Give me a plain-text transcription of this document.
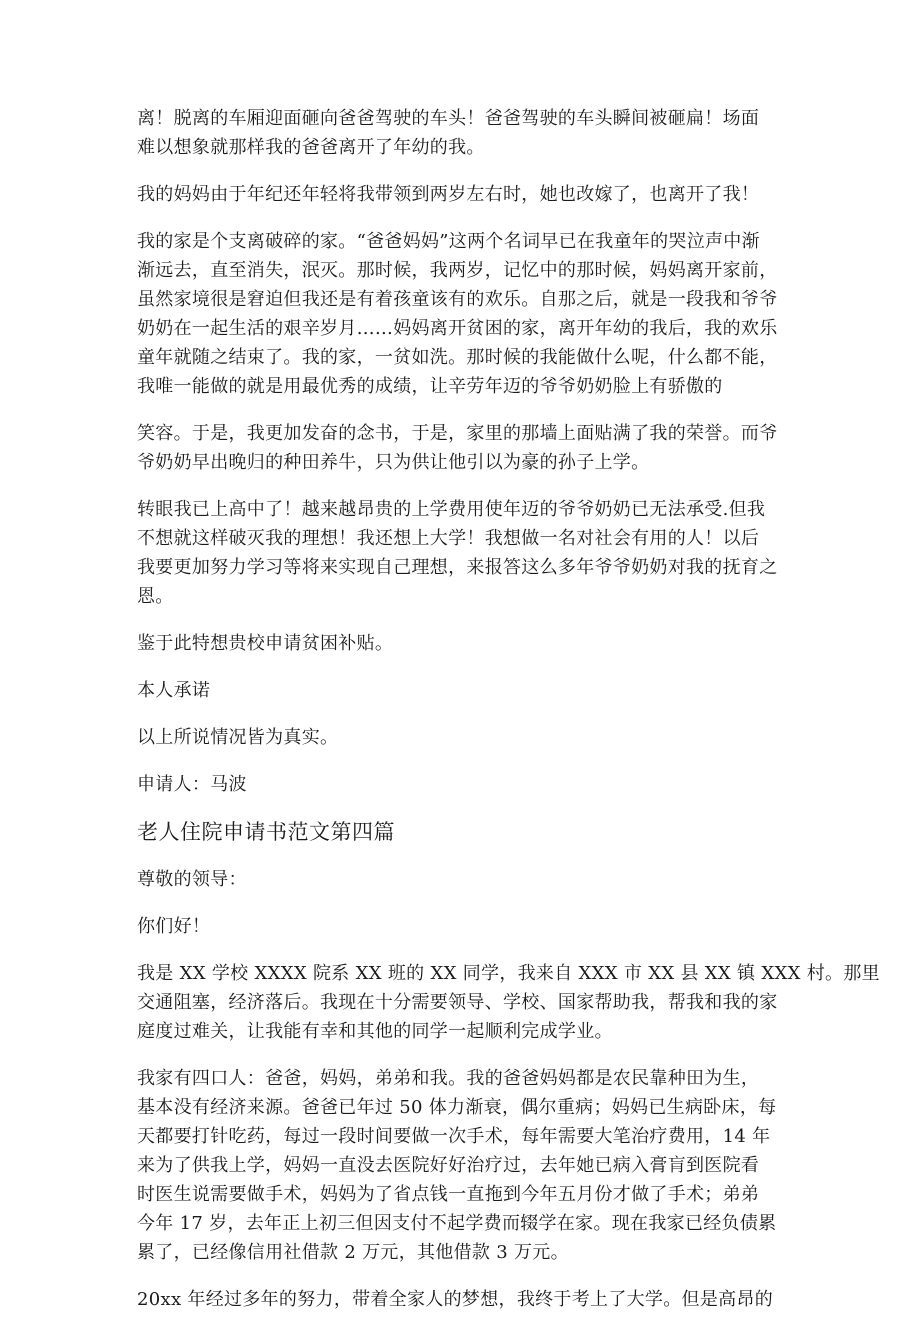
离！脱离的车厢迎面砸向爸爸驾驶的车头！爸爸驾驶的车头瞬间被砸扁！场面
难以想象就那样我的爸爸离开了年幼的我。
我的妈妈由于年纪还年轻将我带领到两岁左右时，她也改嫁了，也离开了我！
我的家是个支离破碎的家。“爸爸妈妈”这两个名词早已在我童年的哭泣声中渐
渐远去，直至消失，泯灭。那时候，我两岁，记忆中的那时候，妈妈离开家前，
虽然家境很是窘迫但我还是有着孩童该有的欢乐。自那之后，就是一段我和爷爷
奶奶在一起生活的艰辛岁月……妈妈离开贫困的家，离开年幼的我后，我的欢乐
童年就随之结束了。我的家，一贫如洗。那时候的我能做什么呢，什么都不能，
我唯一能做的就是用最优秀的成绩，让辛劳年迈的爷爷奶奶脸上有骄傲的
笑容。于是，我更加发奋的念书，于是，家里的那墙上面贴满了我的荣誉。而爷
爷奶奶早出晚归的种田养牛，只为供让他引以为豪的孙子上学。
转眼我已上高中了！越来越昂贵的上学费用使年迈的爷爷奶奶已无法承受.但我
不想就这样破灭我的理想！我还想上大学！我想做一名对社会有用的人！以后
我要更加努力学习等将来实现自己理想，来报答这么多年爷爷奶奶对我的抚育之
恩。
鉴于此特想贵校申请贫困补贴。
本人承诺
以上所说情况皆为真实。
申请人：马波
老人住院申请书范文第四篇
尊敬的领导：
你们好！
我是 XX 学校 XXXX 院系 XX 班的 XX 同学，我来自 XXX 市 XX 县 XX 镇 XXX 村。那里
交通阻塞，经济落后。我现在十分需要领导、学校、国家帮助我，帮我和我的家
庭度过难关，让我能有幸和其他的同学一起顺利完成学业。
我家有四口人：爸爸，妈妈，弟弟和我。我的爸爸妈妈都是农民靠种田为生，
基本没有经济来源。爸爸已年过 50 体力渐衰，偶尔重病；妈妈已生病卧床，每
天都要打针吃药，每过一段时间要做一次手术，每年需要大笔治疗费用，14 年
来为了供我上学，妈妈一直没去医院好好治疗过，去年她已病入膏肓到医院看
时医生说需要做手术，妈妈为了省点钱一直拖到今年五月份才做了手术；弟弟
今年 17 岁，去年正上初三但因支付不起学费而辍学在家。现在我家已经负债累
累了，已经像信用社借款 2 万元，其他借款 3 万元。
20xx 年经过多年的努力，带着全家人的梦想，我终于考上了大学。但是高昂的
